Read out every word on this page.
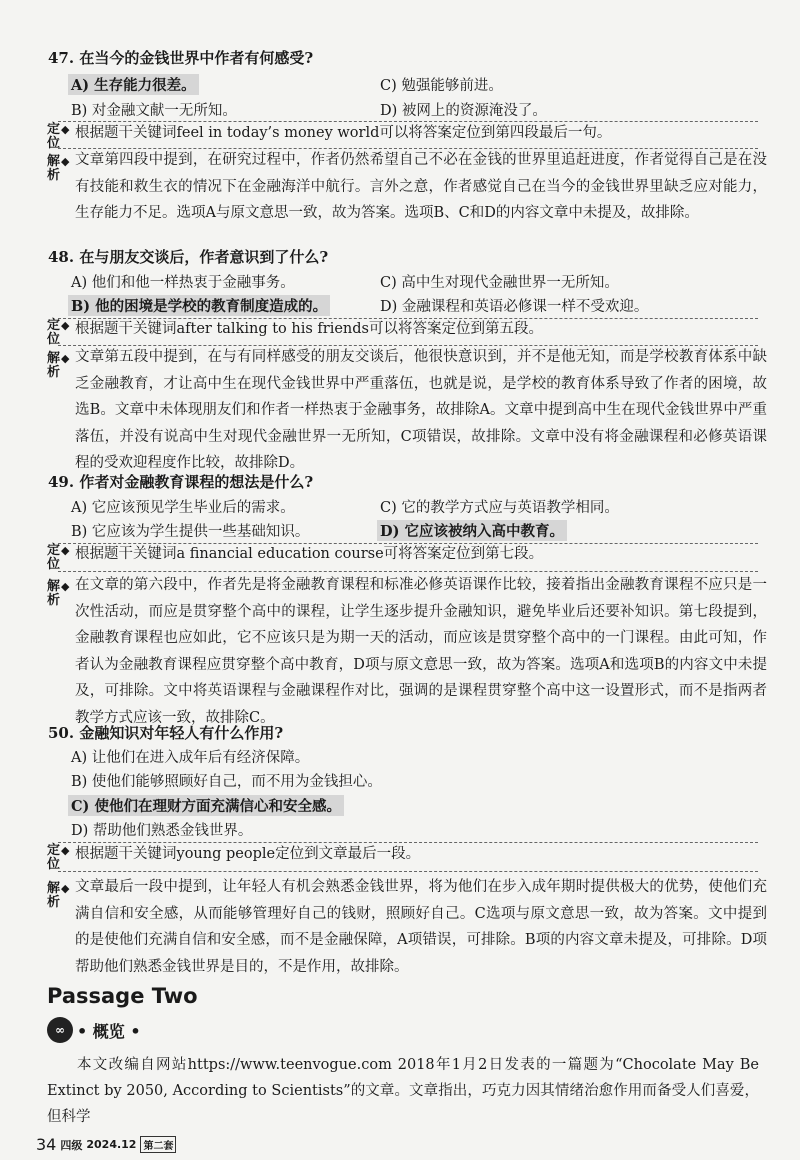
47. 在当今的金钱世界中作者有何感受?
A) 生存能力很差。	C) 勉强能够前进。
B) 对金融文献一无所知。	D) 被网上的资源淹没了。
定
位
◆ 根据题干关键词feel in today’s money world可以将答案定位到第四段最后一句。
解
析
◆ 文章第四段中提到，在研究过程中，作者仍然希望自己不必在金钱的世界里追赶进度，作者觉得自己是在没有技能和救生衣的情况下在金融海洋中航行。言外之意，作者感觉自己在当今的金钱世界里缺乏应对能力，生存能力不足。选项A与原文意思一致，故为答案。选项B、C和D的内容文章中未提及，故排除。
48. 在与朋友交谈后，作者意识到了什么?
A) 他们和他一样热衷于金融事务。	C) 高中生对现代金融世界一无所知。
B) 他的困境是学校的教育制度造成的。	D) 金融课程和英语必修课一样不受欢迎。
定
位
◆ 根据题干关键词after talking to his friends可以将答案定位到第五段。
解
析
◆ 文章第五段中提到，在与有同样感受的朋友交谈后，他很快意识到，并不是他无知，而是学校教育体系中缺乏金融教育，才让高中生在现代金钱世界中严重落伍，也就是说，是学校的教育体系导致了作者的困境，故选B。文章中未体现朋友们和作者一样热衷于金融事务，故排除A。文章中提到高中生在现代金钱世界中严重落伍，并没有说高中生对现代金融世界一无所知，C项错误，故排除。文章中没有将金融课程和必修英语课程的受欢迎程度作比较，故排除D。
49. 作者对金融教育课程的想法是什么?
A) 它应该预见学生毕业后的需求。	C) 它的教学方式应与英语教学相同。
B) 它应该为学生提供一些基础知识。	D) 它应该被纳入高中教育。
定
位
◆ 根据题干关键词a financial education course可将答案定位到第七段。
解
析
◆ 在文章的第六段中，作者先是将金融教育课程和标准必修英语课作比较，接着指出金融教育课程不应只是一次性活动，而应是贯穿整个高中的课程，让学生逐步提升金融知识，避免毕业后还要补知识。第七段提到，金融教育课程也应如此，它不应该只是为期一天的活动，而应该是贯穿整个高中的一门课程。由此可知，作者认为金融教育课程应贯穿整个高中教育，D项与原文意思一致，故为答案。选项A和选项B的内容文中未提及，可排除。文中将英语课程与金融课程作对比，强调的是课程贯穿整个高中这一设置形式，而不是指两者教学方式应该一致，故排除C。
50. 金融知识对年轻人有什么作用?
A) 让他们在进入成年后有经济保障。
B) 使他们能够照顾好自己，而不用为金钱担心。
C) 使他们在理财方面充满信心和安全感。
D) 帮助他们熟悉金钱世界。
定
位
◆ 根据题干关键词young people定位到文章最后一段。
解
析
◆ 文章最后一段中提到，让年轻人有机会熟悉金钱世界，将为他们在步入成年期时提供极大的优势，使他们充满自信和安全感，从而能够管理好自己的钱财，照顾好自己。C选项与原文意思一致，故为答案。文中提到的是使他们充满自信和安全感，而不是金融保障，A项错误，可排除。B项的内容文章未提及，可排除。D项帮助他们熟悉金钱世界是目的，不是作用，故排除。
Passage Two
∞ • 概览 •
本文改编自网站https://www.teenvogue.com 2018年1月2日发表的一篇题为“Chocolate May Be Extinct by 2050, According to Scientists”的文章。文章指出，巧克力因其情绪治愈作用而备受人们喜爱，但科学
34 四级 2024.12 第二套
